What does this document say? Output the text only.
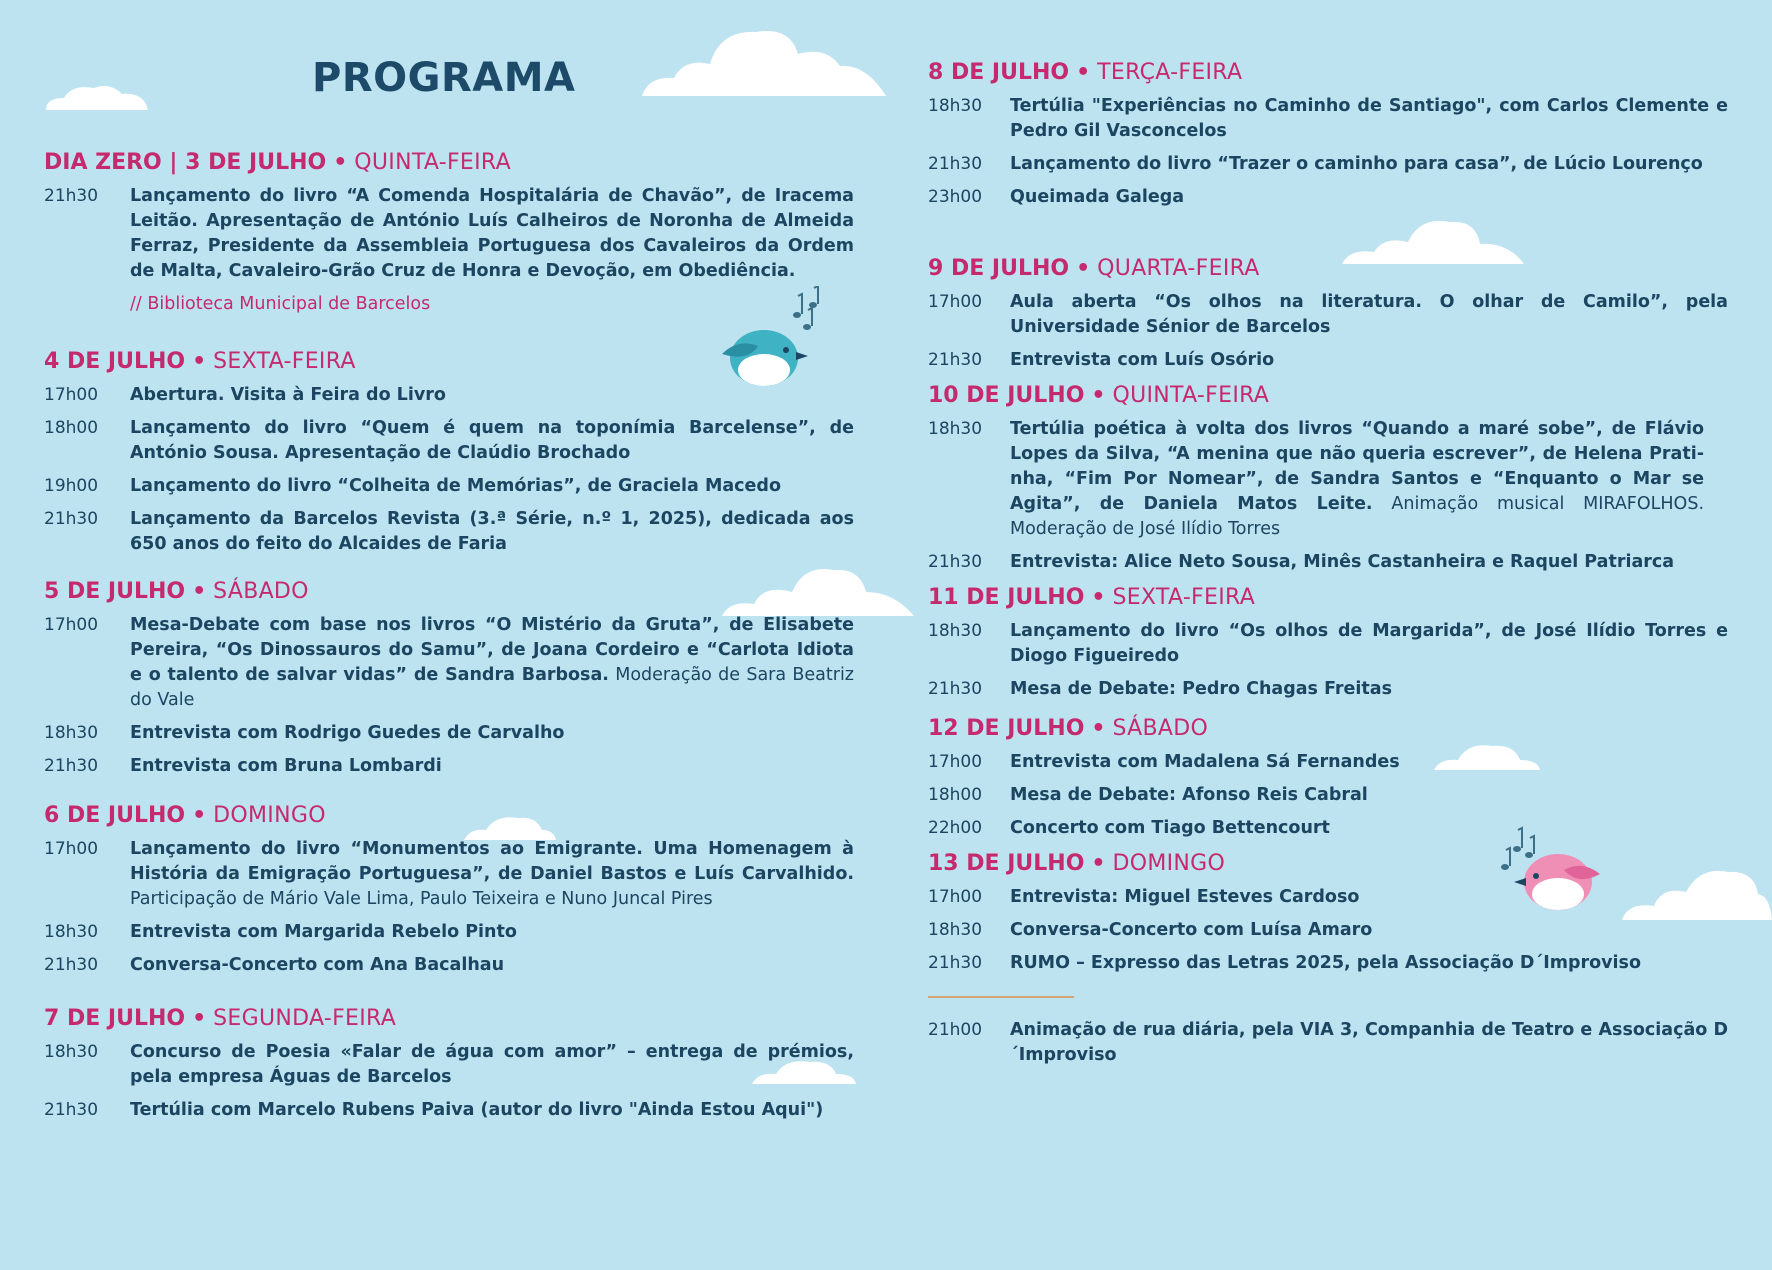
PROGRAMA
DIA ZERO | 3 DE JULHO • QUINTA-FEIRA
21h30	Lançamento do livro “A Comenda Hospitalária de Chavão”, de Iracema Leitão. Apresentação de António Luís Calheiros de Noronha de Almeida Ferraz, Presidente da Assembleia Portuguesa dos Cavaleiros da Ordem de Malta, Cavaleiro-Grão Cruz de Honra e Devoção, em Obediência.
// Biblioteca Municipal de Barcelos
4 DE JULHO • SEXTA-FEIRA
17h00	Abertura. Visita à Feira do Livro
18h00	Lançamento do livro “Quem é quem na toponímia Barcelense”, de António Sousa. Apresentação de Claúdio Brochado
19h00	Lançamento do livro “Colheita de Memórias”, de Graciela Macedo
21h30	Lançamento da Barcelos Revista (3.ª Série, n.º 1, 2025), dedicada aos 650 anos do feito do Alcaides de Faria
5 DE JULHO • SÁBADO
17h00	Mesa-Debate com base nos livros “O Mistério da Gruta”, de Elisabete Pereira, “Os Dinossauros do Samu”, de Joana Cordeiro e “Carlota Idiota e o talento de salvar vidas” de Sandra Barbosa. Moderação de Sara Beatriz do Vale
18h30	Entrevista com Rodrigo Guedes de Carvalho
21h30	Entrevista com Bruna Lombardi
6 DE JULHO • DOMINGO
17h00	Lançamento do livro “Monumentos ao Emigrante. Uma Homenagem à História da Emigração Portuguesa”, de Daniel Bastos e Luís Carvalhido. Participação de Mário Vale Lima, Paulo Teixeira e Nuno Juncal Pires
18h30	Entrevista com Margarida Rebelo Pinto
21h30	Conversa-Concerto com Ana Bacalhau
7 DE JULHO • SEGUNDA-FEIRA
18h30	Concurso de Poesia «Falar de água com amor” – entrega de prémios, pela empresa Águas de Barcelos
21h30	Tertúlia com Marcelo Rubens Paiva (autor do livro "Ainda Estou Aqui")
8 DE JULHO • TERÇA-FEIRA
18h30	Tertúlia "Experiências no Caminho de Santiago", com Carlos Clemente e Pedro Gil Vasconcelos
21h30	Lançamento do livro “Trazer o caminho para casa”, de Lúcio Lourenço
23h00	Queimada Galega
9 DE JULHO • QUARTA-FEIRA
17h00	Aula aberta “Os olhos na literatura. O olhar de Camilo”, pela Universidade Sénior de Barcelos
21h30	Entrevista com Luís Osório
10 DE JULHO • QUINTA-FEIRA
18h30	Tertúlia poética à volta dos livros “Quando a maré sobe”, de Flávio Lopes da Silva, “A menina que não queria escrever”, de Helena Prati-nha, “Fim Por Nomear”, de Sandra Santos e “Enquanto o Mar se Agita”, de Daniela Matos Leite. Animação musical MIRAFOLHOS. Moderação de José Ilídio Torres
21h30	Entrevista: Alice Neto Sousa, Minês Castanheira e Raquel Patriarca
11 DE JULHO • SEXTA-FEIRA
18h30	Lançamento do livro “Os olhos de Margarida”, de José Ilídio Torres e Diogo Figueiredo
21h30	Mesa de Debate: Pedro Chagas Freitas
12 DE JULHO • SÁBADO
17h00	Entrevista com Madalena Sá Fernandes
18h00	Mesa de Debate: Afonso Reis Cabral
22h00	Concerto com Tiago Bettencourt
13 DE JULHO • DOMINGO
17h00	Entrevista: Miguel Esteves Cardoso
18h30	Conversa-Concerto com Luísa Amaro
21h30	RUMO – Expresso das Letras 2025, pela Associação D´Improviso
21h00	Animação de rua diária, pela VIA 3, Companhia de Teatro e Associação D´Improviso
